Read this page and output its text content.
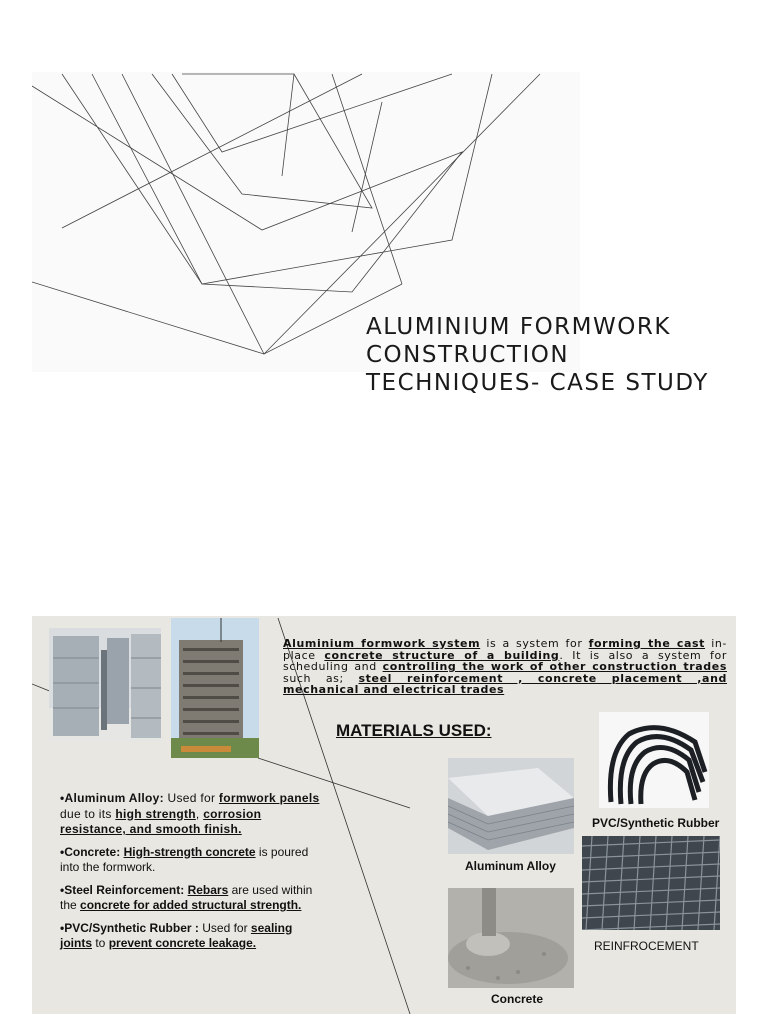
ALUMINIUM FORMWORK
CONSTRUCTION
TECHNIQUES- CASE STUDY
Aluminium formwork system is a system for forming the cast in-place concrete structure of a building. It is also a system for scheduling and controlling the work of other construction trades such as; steel reinforcement , concrete placement ,and mechanical and electrical trades
MATERIALS USED:
PVC/Synthetic Rubber
Aluminum Alloy
REINFROCEMENT
Concrete
•Aluminum Alloy: Used for formwork panels due to its high strength, corrosion resistance, and smooth finish.
•Concrete: High-strength concrete is poured into the formwork.
•Steel Reinforcement: Rebars are used within the concrete for added structural strength.
•PVC/Synthetic Rubber : Used for sealing joints to prevent concrete leakage.
